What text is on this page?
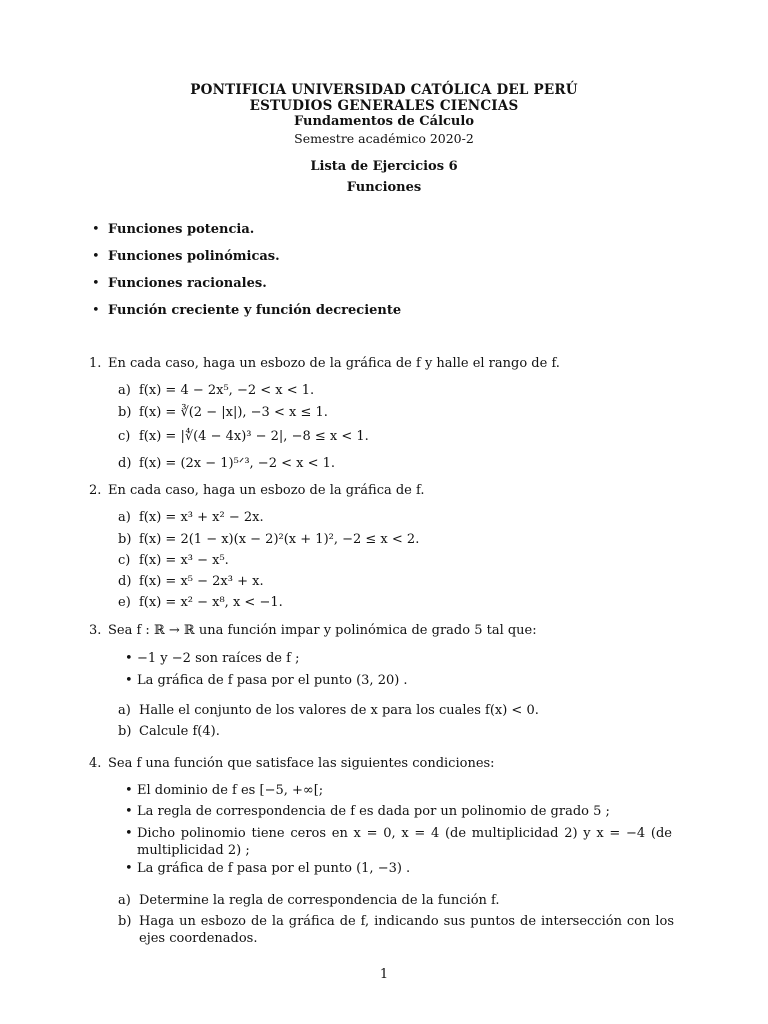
PONTIFICIA UNIVERSIDAD CATÓLICA DEL PERÚ
ESTUDIOS GENERALES CIENCIAS
Fundamentos de Cálculo
Semestre académico 2020-2
Lista de Ejercicios 6
Funciones
• Funciones potencia.
• Funciones polinómicas.
• Funciones racionales.
• Función creciente y función decreciente
1. En cada caso, haga un esbozo de la gráfica de f y halle el rango de f.
a) f(x) = 4 − 2x⁵, −2 < x < 1.
b) f(x) = ∛(2 − |x|), −3 < x ≤ 1.
c) f(x) = |∜(4 − 4x)³ − 2|, −8 ≤ x < 1.
d) f(x) = (2x − 1)⁵ᐟ³, −2 < x < 1.
2. En cada caso, haga un esbozo de la gráfica de f.
a) f(x) = x³ + x² − 2x.
b) f(x) = 2(1 − x)(x − 2)²(x + 1)², −2 ≤ x < 2.
c) f(x) = x³ − x⁵.
d) f(x) = x⁵ − 2x³ + x.
e) f(x) = x² − x⁸, x < −1.
3. Sea f : ℝ → ℝ una función impar y polinómica de grado 5 tal que:
• −1 y −2 son raíces de f ;
• La gráfica de f pasa por el punto (3, 20) .
a) Halle el conjunto de los valores de x para los cuales f(x) < 0.
b) Calcule f(4).
4. Sea f una función que satisface las siguientes condiciones:
• El dominio de f es [−5, +∞[;
• La regla de correspondencia de f es dada por un polinomio de grado 5 ;
• Dicho polinomio tiene ceros en x = 0, x = 4 (de multiplicidad 2) y x = −4 (de multiplicidad 2) ;
• La gráfica de f pasa por el punto (1, −3) .
a) Determine la regla de correspondencia de la función f.
b) Haga un esbozo de la gráfica de f, indicando sus puntos de intersección con los ejes coordenados.
1
